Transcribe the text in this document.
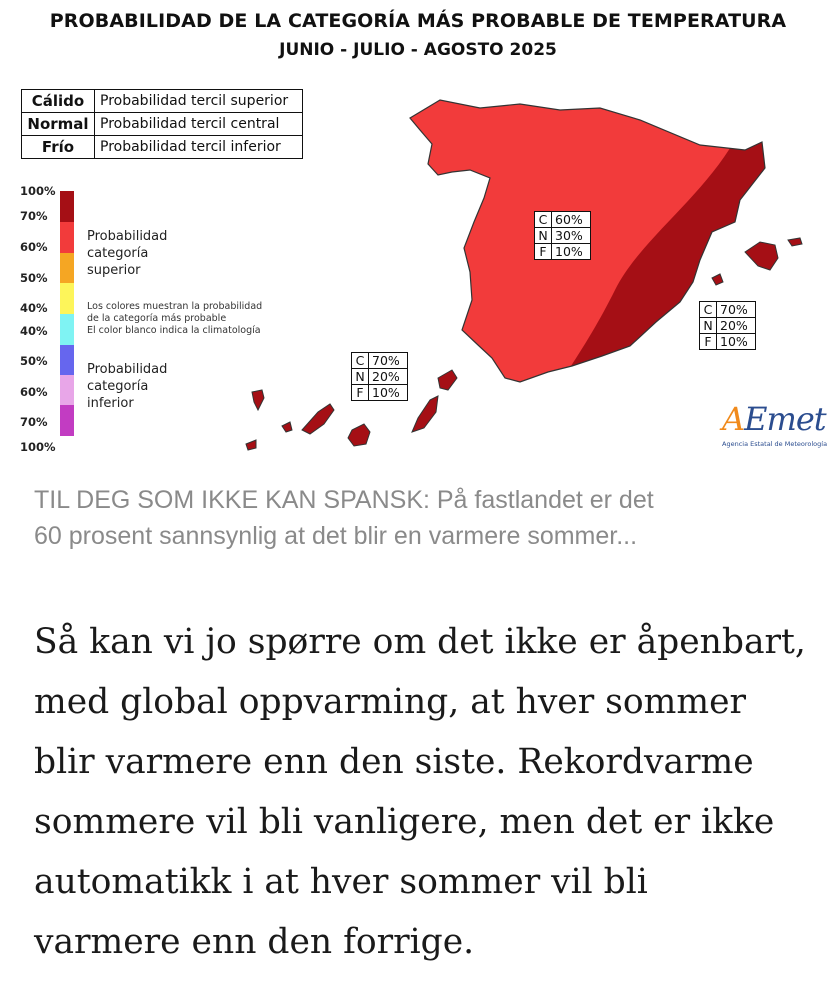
PROBABILIDAD DE LA CATEGORÍA MÁS PROBABLE DE TEMPERATURA
JUNIO - JULIO - AGOSTO 2025
Cálido	Probabilidad tercil superior
Normal	Probabilidad tercil central
Frío	Probabilidad tercil inferior
100%
70%
60%
50%
40%
40%
50%
60%
70%
100%
Probabilidad
categoría
superior
Los colores muestran la probabilidad
de la categoría más probable
El color blanco indica la climatología
Probabilidad
categoría
inferior
C	60%
N	30%
F	10%
C	70%
N	20%
F	10%
C	70%
N	20%
F	10%
AEmet
Agencia Estatal de Meteorología
TIL DEG SOM IKKE KAN SPANSK: På fastlandet er det
60 prosent sannsynlig at det blir en varmere sommer...
Så kan vi jo spørre om det ikke er åpenbart,
med global oppvarming, at hver sommer
blir varmere enn den siste. Rekordvarme
sommere vil bli vanligere, men det er ikke
automatikk i at hver sommer vil bli
varmere enn den forrige.
